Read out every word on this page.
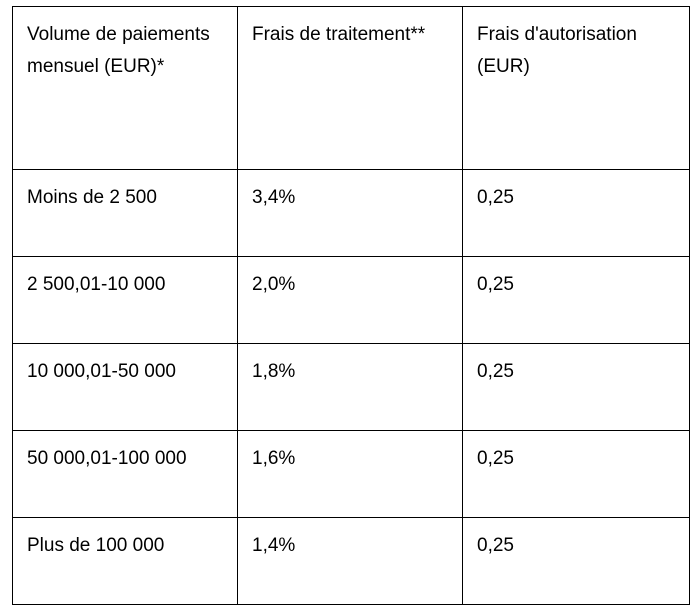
Volume de paiements mensuel (EUR)*	Frais de traitement**	Frais d'autorisation (EUR)
Moins de 2 500	3,4%	0,25
2 500,01-10 000	2,0%	0,25
10 000,01-50 000	1,8%	0,25
50 000,01-100 000	1,6%	0,25
Plus de 100 000	1,4%	0,25
